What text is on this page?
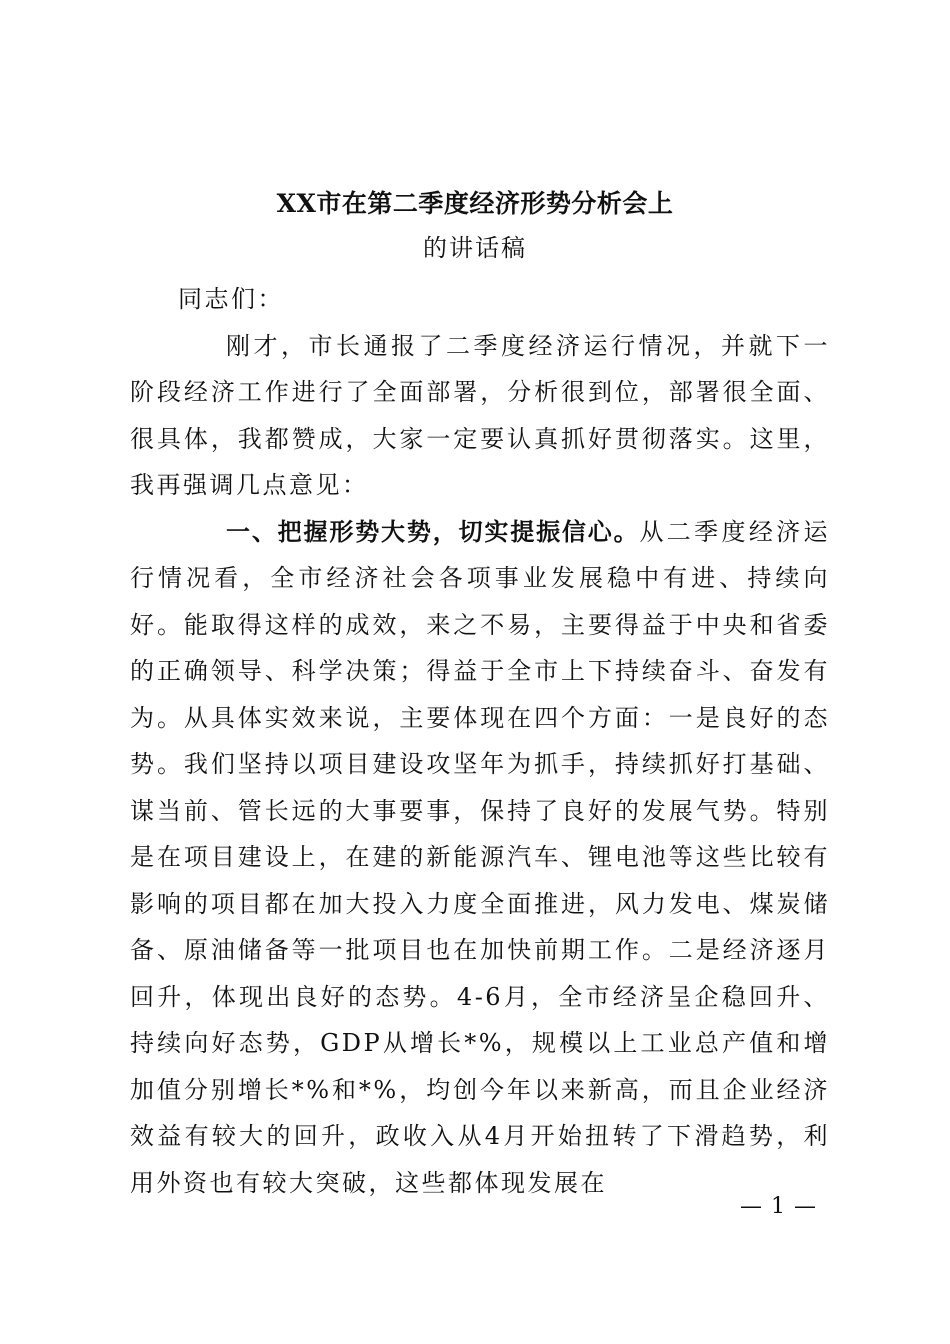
XX市在第二季度经济形势分析会上
的讲话稿

同志们：

刚才，市长通报了二季度经济运行情况，并就下一阶段经济工作进行了全面部署，分析很到位，部署很全面、很具体，我都赞成，大家一定要认真抓好贯彻落实。这里，我再强调几点意见：

一、把握形势大势，切实提振信心。从二季度经济运行情况看，全市经济社会各项事业发展稳中有进、持续向好。能取得这样的成效，来之不易，主要得益于中央和省委的正确领导、科学决策；得益于全市上下持续奋斗、奋发有为。从具体实效来说，主要体现在四个方面：一是良好的态势。我们坚持以项目建设攻坚年为抓手，持续抓好打基础、谋当前、管长远的大事要事，保持了良好的发展气势。特别是在项目建设上，在建的新能源汽车、锂电池等这些比较有影响的项目都在加大投入力度全面推进，风力发电、煤炭储备、原油储备等一批项目也在加快前期工作。二是经济逐月回升，体现出良好的态势。4-6月，全市经济呈企稳回升、持续向好态势，GDP从增长*%，规模以上工业总产值和增加值分别增长*%和*%，均创今年以来新高，而且企业经济效益有较大的回升，政收入从4月开始扭转了下滑趋势，利用外资也有较大突破，这些都体现发展在

— 1 —
